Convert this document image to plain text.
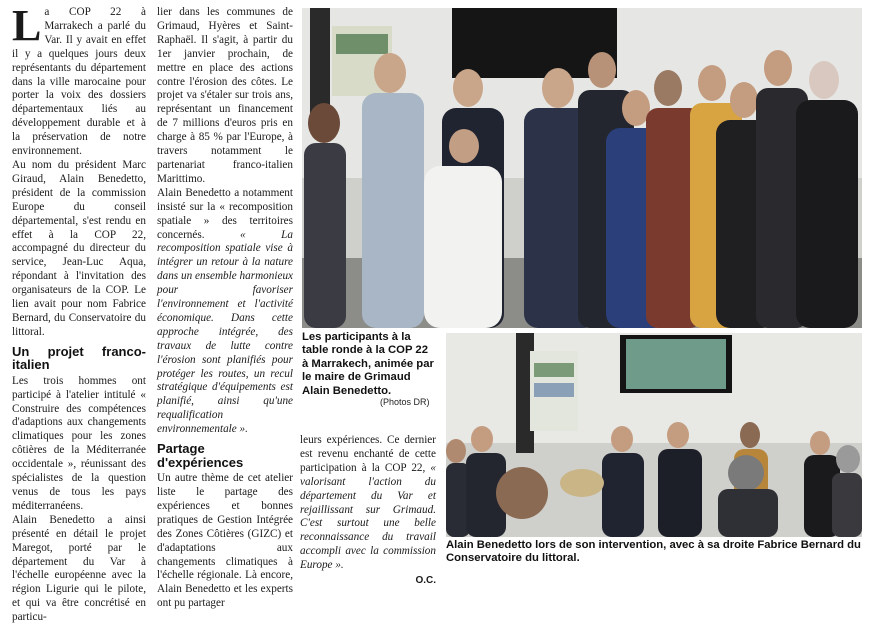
La COP 22 à Marrakech a parlé du Var. Il y avait en effet il y a quelques jours deux représentants du département dans la ville marocaine pour porter la voix des dossiers départementaux liés au développement durable et à la préservation de notre environnement.

Au nom du président Marc Giraud, Alain Benedetto, président de la commission Europe du conseil départemental, s'est rendu en effet à la COP 22, accompagné du directeur du service, Jean-Luc Aqua, répondant à l'invitation des organisateurs de la COP. Le lien avait pour nom Fabrice Bernard, du Conservatoire du littoral.

Un projet franco-italien

Les trois hommes ont participé à l'atelier intitulé « Construire des compétences d'adaptions aux changements climatiques pour les zones côtières de la Méditerranée occidentale », réunissant des spécialistes de la question venus de tous les pays méditerranéens.

Alain Benedetto a ainsi présenté en détail le projet Maregot, porté par le département du Var à l'échelle européenne avec la région Ligurie qui le pilote, et qui va être concrétisé en particu-

lier dans les communes de Grimaud, Hyères et Saint-Raphaël. Il s'agit, à partir du 1er janvier prochain, de mettre en place des actions contre l'érosion des côtes. Le projet va s'étaler sur trois ans, représentant un financement de 7 millions d'euros pris en charge à 85 % par l'Europe, à travers notamment le partenariat franco-italien Marittimo.

Alain Benedetto a notamment insisté sur la « recomposition spatiale » des territoires concernés. « La recomposition spatiale vise à intégrer un retour à la nature dans un ensemble harmonieux pour favoriser l'environnement et l'activité économique. Dans cette approche intégrée, des travaux de lutte contre l'érosion sont planifiés pour protéger les routes, un recul stratégique d'équipements est planifié, ainsi qu'une requalification environnementale ».

Partage d'expériences

Un autre thème de cet atelier liste le partage des expériences et bonnes pratiques de Gestion Intégrée des Zones Côtières (GIZC) et d'adaptations aux changements climatiques à l'échelle régionale. Là encore, Alain Benedetto et les experts ont pu partager

Les participants à la table ronde à la COP 22 à Marrakech, animée par le maire de Grimaud Alain Benedetto.
(Photos DR)

leurs expériences. Ce dernier est revenu enchanté de cette participation à la COP 22, « valorisant l'action du département du Var et rejaillissant sur Grimaud. C'est surtout une belle reconnaissance du travail accompli avec la commission Europe ».

O.C.
Alain Benedetto lors de son intervention, avec à sa droite Fabrice Bernard du Conservatoire du littoral.
